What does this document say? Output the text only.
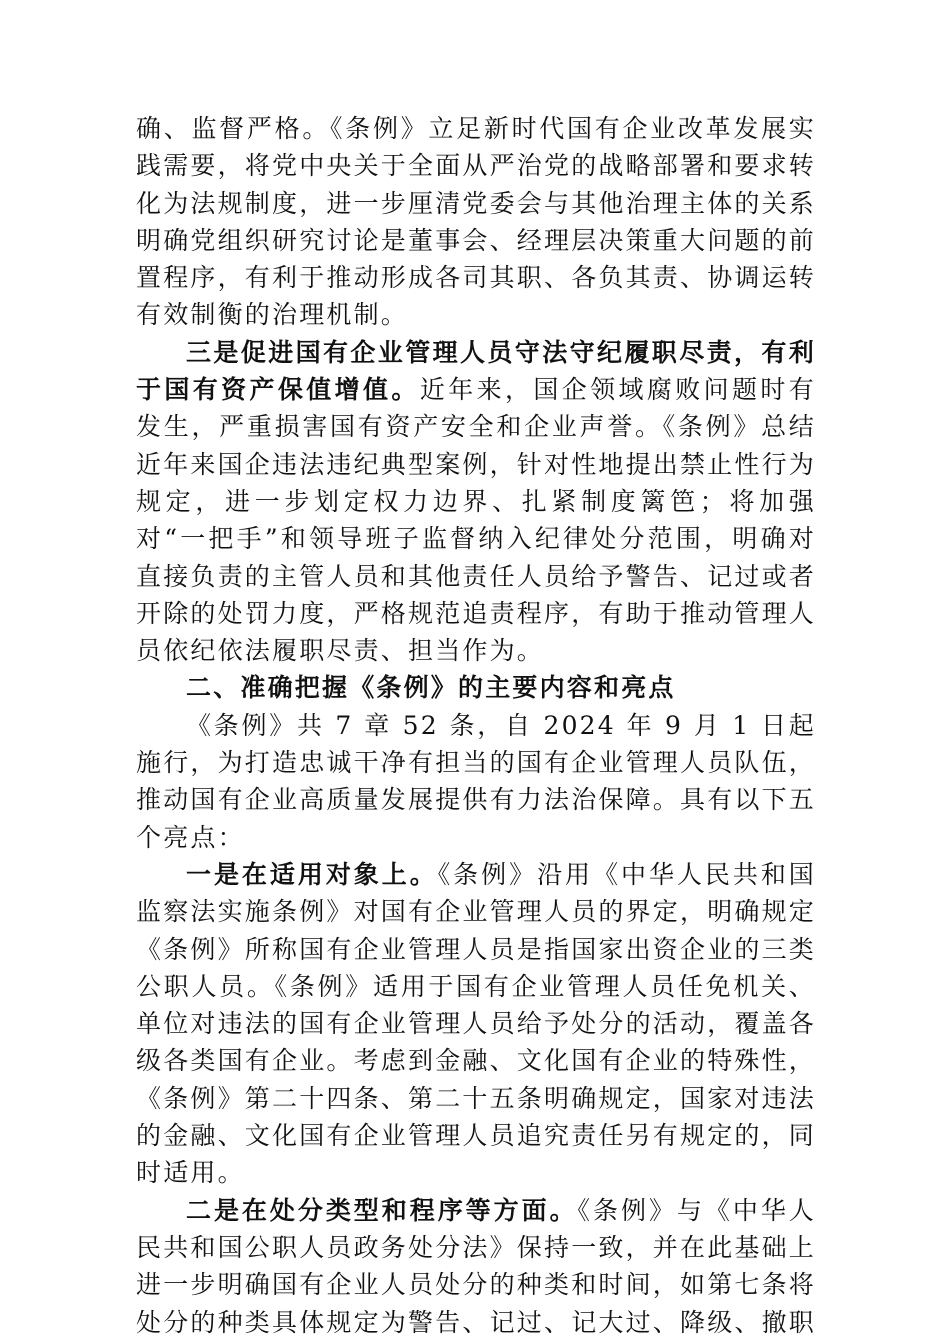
确、监督严格。《条例》立足新时代国有企业改革发展实践需要，将党中央关于全面从严治党的战略部署和要求转化为法规制度，进一步厘清党委会与其他治理主体的关系明确党组织研究讨论是董事会、经理层决策重大问题的前置程序，有利于推动形成各司其职、各负其责、协调运转有效制衡的治理机制。

三是促进国有企业管理人员守法守纪履职尽责，有利于国有资产保值增值。近年来，国企领域腐败问题时有发生，严重损害国有资产安全和企业声誉。《条例》总结近年来国企违法违纪典型案例，针对性地提出禁止性行为规定，进一步划定权力边界、扎紧制度篱笆；将加强对“一把手”和领导班子监督纳入纪律处分范围，明确对直接负责的主管人员和其他责任人员给予警告、记过或者开除的处罚力度，严格规范追责程序，有助于推动管理人员依纪依法履职尽责、担当作为。

二、准确把握《条例》的主要内容和亮点

《条例》共 7 章 52 条，自 2024 年 9 月 1 日起施行，为打造忠诚干净有担当的国有企业管理人员队伍，推动国有企业高质量发展提供有力法治保障。具有以下五个亮点：

一是在适用对象上。《条例》沿用《中华人民共和国监察法实施条例》对国有企业管理人员的界定，明确规定《条例》所称国有企业管理人员是指国家出资企业的三类公职人员。《条例》适用于国有企业管理人员任免机关、单位对违法的国有企业管理人员给予处分的活动，覆盖各级各类国有企业。考虑到金融、文化国有企业的特殊性，《条例》第二十四条、第二十五条明确规定，国家对违法的金融、文化国有企业管理人员追究责任另有规定的，同时适用。

二是在处分类型和程序等方面。《条例》与《中华人民共和国公职人员政务处分法》保持一致，并在此基础上进一步明确国有企业人员处分的种类和时间，如第七条将处分的种类具体规定为警告、记过、记大过、降级、撤职
